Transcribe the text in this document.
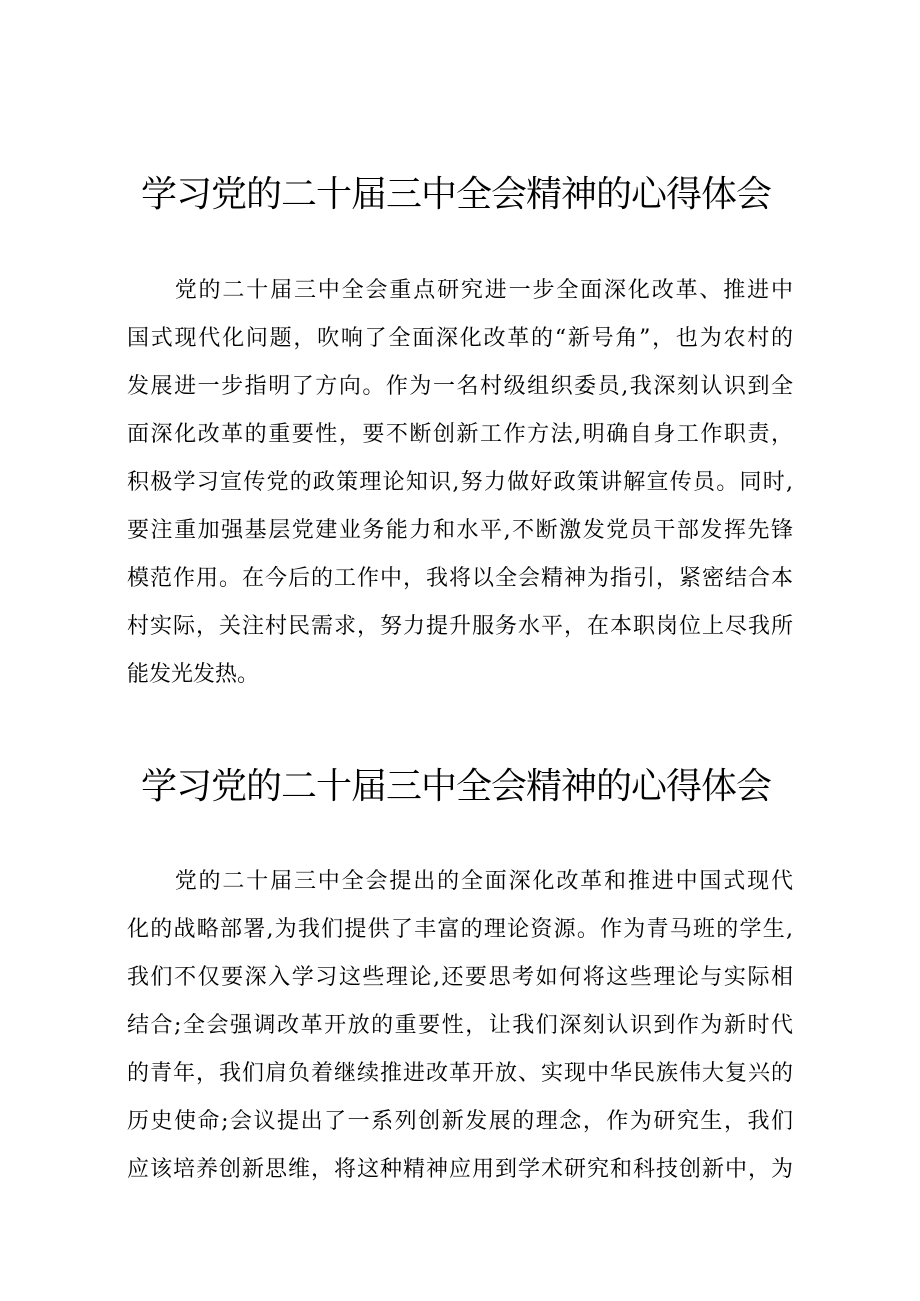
学习党的二十届三中全会精神的心得体会
　　党的二十届三中全会重点研究进一步全面深化改革、推进中
国式现代化问题，吹响了全面深化改革的“新号角”，也为农村的
发展进一步指明了方向。作为一名村级组织委员,我深刻认识到全
面深化改革的重要性，要不断创新工作方法,明确自身工作职责，
积极学习宣传党的政策理论知识,努力做好政策讲解宣传员。同时,
要注重加强基层党建业务能力和水平,不断激发党员干部发挥先锋
模范作用。在今后的工作中，我将以全会精神为指引，紧密结合本
村实际，关注村民需求，努力提升服务水平，在本职岗位上尽我所
能发光发热。
学习党的二十届三中全会精神的心得体会
　　党的二十届三中全会提出的全面深化改革和推进中国式现代
化的战略部署,为我们提供了丰富的理论资源。作为青马班的学生,
我们不仅要深入学习这些理论,还要思考如何将这些理论与实际相
结合;全会强调改革开放的重要性，让我们深刻认识到作为新时代
的青年，我们肩负着继续推进改革开放、实现中华民族伟大复兴的
历史使命;会议提出了一系列创新发展的理念，作为研究生，我们
应该培养创新思维，将这种精神应用到学术研究和科技创新中，为
